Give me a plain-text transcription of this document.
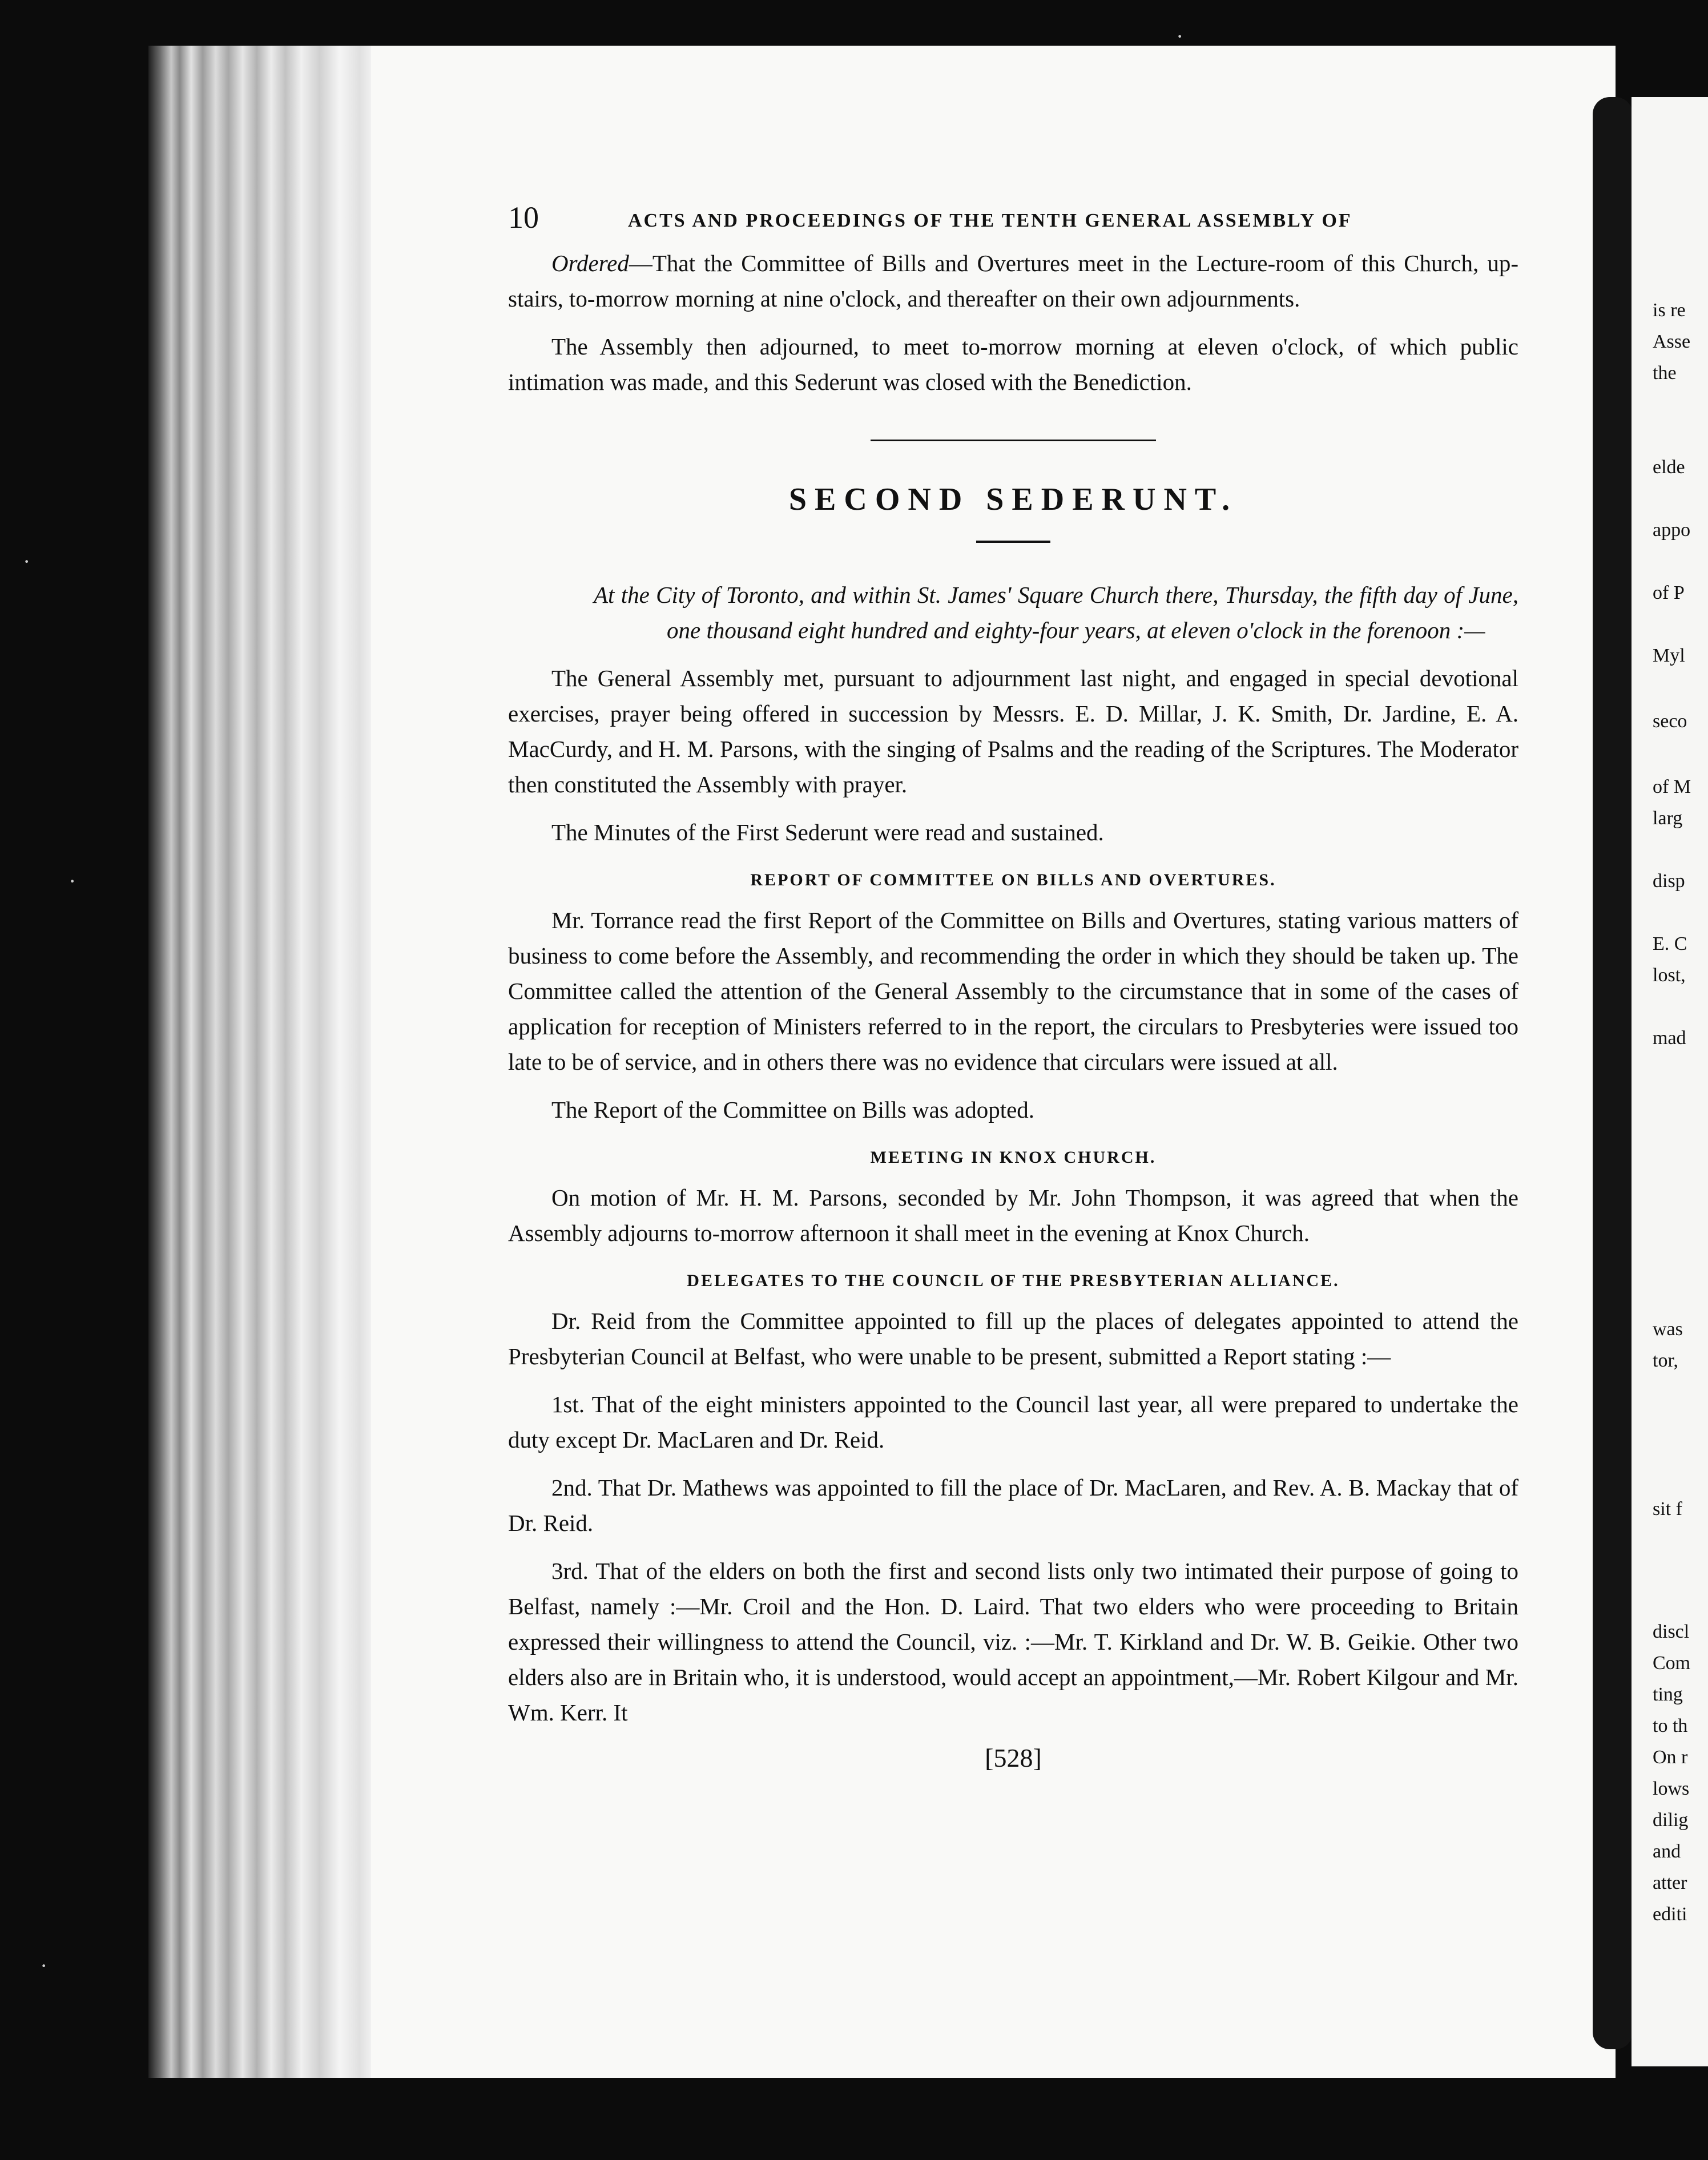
10	ACTS AND PROCEEDINGS OF THE TENTH GENERAL ASSEMBLY OF

Ordered—That the Committee of Bills and Overtures meet in the Lecture-room of this Church, up-stairs, to-morrow morning at nine o'clock, and thereafter on their own adjournments.

The Assembly then adjourned, to meet to-morrow morning at eleven o'clock, of which public intimation was made, and this Sederunt was closed with the Benediction.

SECOND SEDERUNT.

At the City of Toronto, and within St. James' Square Church there, Thursday, the fifth day of June, one thousand eight hundred and eighty-four years, at eleven o'clock in the forenoon :—

The General Assembly met, pursuant to adjournment last night, and engaged in special devotional exercises, prayer being offered in succession by Messrs. E. D. Millar, J. K. Smith, Dr. Jardine, E. A. MacCurdy, and H. M. Parsons, with the singing of Psalms and the reading of the Scriptures. The Moderator then constituted the Assembly with prayer.

The Minutes of the First Sederunt were read and sustained.

REPORT OF COMMITTEE ON BILLS AND OVERTURES.

Mr. Torrance read the first Report of the Committee on Bills and Overtures, stating various matters of business to come before the Assembly, and recommending the order in which they should be taken up. The Committee called the attention of the General Assembly to the circumstance that in some of the cases of application for reception of Ministers referred to in the report, the circulars to Presbyteries were issued too late to be of service, and in others there was no evidence that circulars were issued at all.

The Report of the Committee on Bills was adopted.

MEETING IN KNOX CHURCH.

On motion of Mr. H. M. Parsons, seconded by Mr. John Thompson, it was agreed that when the Assembly adjourns to-morrow afternoon it shall meet in the evening at Knox Church.

DELEGATES TO THE COUNCIL OF THE PRESBYTERIAN ALLIANCE.

Dr. Reid from the Committee appointed to fill up the places of delegates appointed to attend the Presbyterian Council at Belfast, who were unable to be present, submitted a Report stating :—

1st. That of the eight ministers appointed to the Council last year, all were prepared to undertake the duty except Dr. MacLaren and Dr. Reid.

2nd. That Dr. Mathews was appointed to fill the place of Dr. MacLaren, and Rev. A. B. Mackay that of Dr. Reid.

3rd. That of the elders on both the first and second lists only two intimated their purpose of going to Belfast, namely :—Mr. Croil and the Hon. D. Laird. That two elders who were proceeding to Britain expressed their willingness to attend the Council, viz. :—Mr. T. Kirkland and Dr. W. B. Geikie. Other two elders also are in Britain who, it is understood, would accept an appointment,—Mr. Robert Kilgour and Mr. Wm. Kerr. It

[528]
is re
Asse
the
elde
appo
of P
Myl
seco
of M
larg
disp
E. C
lost,
mad
was
tor,
sit f
discl
Com
ting
to th
On r
lows
dilig
and
atter
editi
·
·
·
·
